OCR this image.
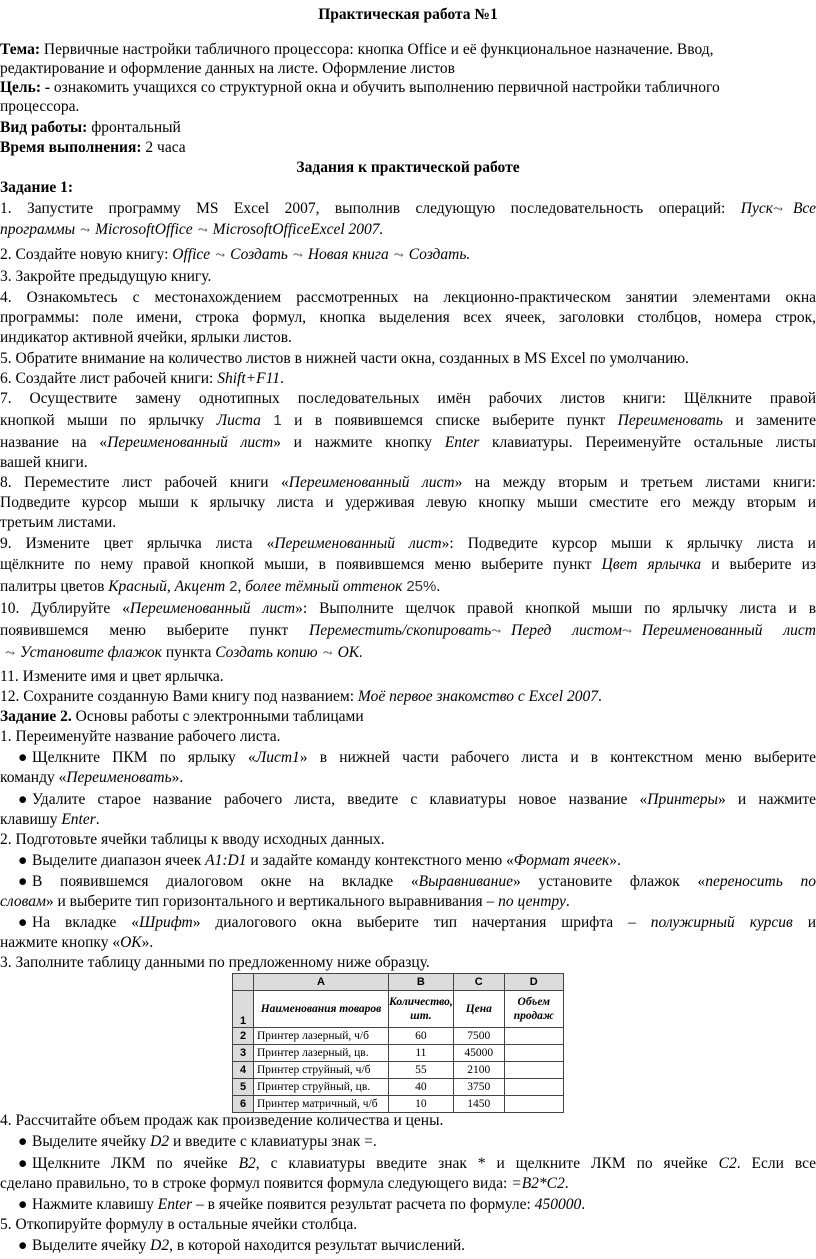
Практическая работа №1
Тема: Первичные настройки табличного процессора: кнопка Office и её функциональное назначение. Ввод,
редактирование и оформление данных на листе. Оформление листов
Цель: - ознакомить учащихся со структурной окна и обучить выполнению первичной настройки табличного
процессора.
Вид работы: фронтальный
Время выполнения: 2 часа
Задания к практической работе
Задание 1:
1. Запустите программу MS Excel 2007, выполнив следующую последовательность операций: Пуск⤳ Все
программы ⤳ MicrosoftOffice ⤳ MicrosoftOfficeExcel 2007.
2. Создайте новую книгу: Office ⤳ Создать ⤳ Новая книга ⤳ Создать.
3. Закройте предыдущую книгу.
4. Ознакомьтесь с местонахождением рассмотренных на лекционно-практическом занятии элементами окна
программы: поле имени, строка формул, кнопка выделения всех ячеек, заголовки столбцов, номера строк,
индикатор активной ячейки, ярлыки листов.
5. Обратите внимание на количество листов в нижней части окна, созданных в MS Excel по умолчанию.
6. Создайте лист рабочей книги: Shift+F11.
7. Осуществите замену однотипных последовательных имён рабочих листов книги: Щёлкните правой
кнопкой мыши по ярлычку Листа 1 и в появившемся списке выберите пункт Переименовать и замените
название на «Переименованный лист» и нажмите кнопку Enter клавиатуры. Переименуйте остальные листы
вашей книги.
8. Переместите лист рабочей книги «Переименованный лист» на между вторым и третьем листами книги:
Подведите курсор мыши к ярлычку листа и удерживая левую кнопку мыши сместите его между вторым и
третьим листами.
9. Измените цвет ярлычка листа «Переименованный лист»: Подведите курсор мыши к ярлычку листа и
щёлкните по нему правой кнопкой мыши, в появившемся меню выберите пункт Цвет ярлычка и выберите из
палитры цветов Красный, Акцент 2, более тёмный оттенок 25%.
10. Дублируйте «Переименованный лист»: Выполните щелчок правой кнопкой мыши по ярлычку листа и в
появившемся меню выберите пункт Переместить/скопировать⤳ Перед листом⤳ Переименованный лист
⤳ Установите флажок пункта Создать копию ⤳ ОК.
11. Измените имя и цвет ярлычка.
12. Сохраните созданную Вами книгу под названием: Моё первое знакомство с Excel 2007.
Задание 2. Основы работы с электронными таблицами
1. Переименуйте название рабочего листа.
● Щелкните ПКМ по ярлыку «Лист1» в нижней части рабочего листа и в контекстном меню выберите
команду «Переименовать».
● Удалите старое название рабочего листа, введите с клавиатуры новое название «Принтеры» и нажмите
клавишу Enter.
2. Подготовьте ячейки таблицы к вводу исходных данных.
● Выделите диапазон ячеек A1:D1 и задайте команду контекстного меню «Формат ячеек».
● В появившемся диалоговом окне на вкладке «Выравнивание» установите флажок «переносить по
словам» и выберите тип горизонтального и вертикального выравнивания – по центру.
● На вкладке «Шрифт» диалогового окна выберите тип начертания шрифта – полужирный курсив и
нажмите кнопку «ОК».
3. Заполните таблицу данными по предложенному ниже образцу.
	A	B	C	D
1	Наименования товаров	Количество, шт.	Цена	Объем продаж
2	Принтер лазерный, ч/б	60	7500	
3	Принтер лазерный, цв.	11	45000	
4	Принтер струйный, ч/б	55	2100	
5	Принтер струйный, цв.	40	3750	
6	Принтер матричный, ч/б	10	1450	
4. Рассчитайте объем продаж как произведение количества и цены.
● Выделите ячейку D2 и введите с клавиатуры знак =.
● Щелкните ЛКМ по ячейке B2, с клавиатуры введите знак * и щелкните ЛКМ по ячейке C2. Если все
сделано правильно, то в строке формул появится формула следующего вида: =B2*C2.
● Нажмите клавишу Enter – в ячейке появится результат расчета по формуле: 450000.
5. Откопируйте формулу в остальные ячейки столбца.
● Выделите ячейку D2, в которой находится результат вычислений.
